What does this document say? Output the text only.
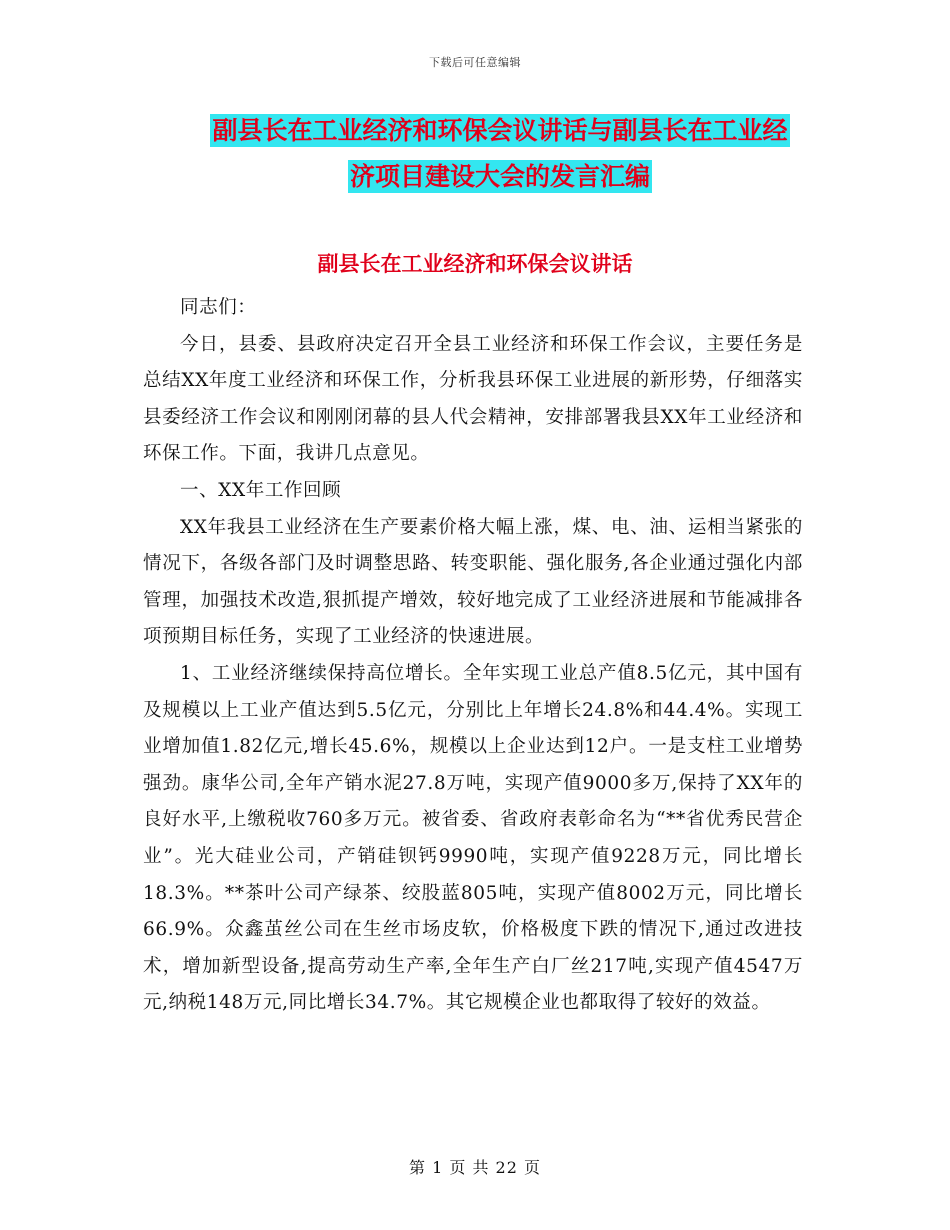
下载后可任意编辑
副县长在工业经济和环保会议讲话与副县长在工业经
济项目建设大会的发言汇编
副县长在工业经济和环保会议讲话

同志们：

今日，县委、县政府决定召开全县工业经济和环保工作会议，主要任务是总结XX年度工业经济和环保工作，分析我县环保工业进展的新形势，仔细落实县委经济工作会议和刚刚闭幕的县人代会精神，安排部署我县XX年工业经济和环保工作。下面，我讲几点意见。

一、XX年工作回顾

XX年我县工业经济在生产要素价格大幅上涨，煤、电、油、运相当紧张的情况下，各级各部门及时调整思路、转变职能、强化服务,各企业通过强化内部管理，加强技术改造,狠抓提产增效，较好地完成了工业经济进展和节能减排各项预期目标任务，实现了工业经济的快速进展。

1、工业经济继续保持高位增长。全年实现工业总产值8.5亿元，其中国有及规模以上工业产值达到5.5亿元，分别比上年增长24.8%和44.4%。实现工业增加值1.82亿元,增长45.6%，规模以上企业达到12户。一是支柱工业增势强劲。康华公司,全年产销水泥27.8万吨，实现产值9000多万,保持了XX年的良好水平,上缴税收760多万元。被省委、省政府表彰命名为“**省优秀民营企业”。光大硅业公司，产销硅钡钙9990吨，实现产值9228万元，同比增长18.3%。**茶叶公司产绿茶、绞股蓝805吨，实现产值8002万元，同比增长66.9%。众鑫茧丝公司在生丝市场皮软，价格极度下跌的情况下,通过改进技术，增加新型设备,提高劳动生产率,全年生产白厂丝217吨,实现产值4547万元,纳税148万元,同比增长34.7%。其它规模企业也都取得了较好的效益。

第 1 页 共 22 页
